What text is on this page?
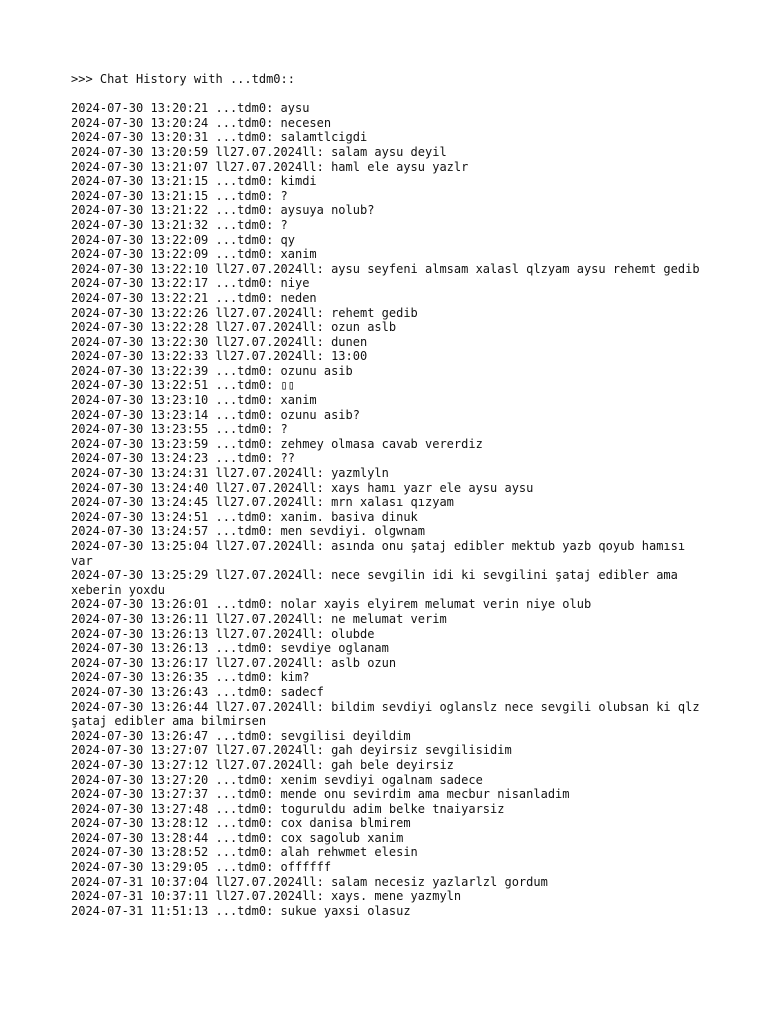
>>> Chat History with ...tdm0::
2024-07-30 13:20:21 ...tdm0: aysu
2024-07-30 13:20:24 ...tdm0: necesen
2024-07-30 13:20:31 ...tdm0: salamtlcigdi
2024-07-30 13:20:59 ll27.07.2024ll: salam aysu deyil
2024-07-30 13:21:07 ll27.07.2024ll: haml ele aysu yazlr
2024-07-30 13:21:15 ...tdm0: kimdi
2024-07-30 13:21:15 ...tdm0: ?
2024-07-30 13:21:22 ...tdm0: aysuya nolub?
2024-07-30 13:21:32 ...tdm0: ?
2024-07-30 13:22:09 ...tdm0: qy
2024-07-30 13:22:09 ...tdm0: xanim
2024-07-30 13:22:10 ll27.07.2024ll: aysu seyfeni almsam xalasl qlzyam aysu rehemt gedib
2024-07-30 13:22:17 ...tdm0: niye
2024-07-30 13:22:21 ...tdm0: neden
2024-07-30 13:22:26 ll27.07.2024ll: rehemt gedib
2024-07-30 13:22:28 ll27.07.2024ll: ozun aslb
2024-07-30 13:22:30 ll27.07.2024ll: dunen
2024-07-30 13:22:33 ll27.07.2024ll: 13:00
2024-07-30 13:22:39 ...tdm0: ozunu asib
2024-07-30 13:22:51 ...tdm0: ▯▯
2024-07-30 13:23:10 ...tdm0: xanim
2024-07-30 13:23:14 ...tdm0: ozunu asib?
2024-07-30 13:23:55 ...tdm0: ?
2024-07-30 13:23:59 ...tdm0: zehmey olmasa cavab vererdiz
2024-07-30 13:24:23 ...tdm0: ??
2024-07-30 13:24:31 ll27.07.2024ll: yazmlyln
2024-07-30 13:24:40 ll27.07.2024ll: xays hamı yazr ele aysu aysu
2024-07-30 13:24:45 ll27.07.2024ll: mrn xalası qızyam
2024-07-30 13:24:51 ...tdm0: xanim. basiva dinuk
2024-07-30 13:24:57 ...tdm0: men sevdiyi. olgwnam
2024-07-30 13:25:04 ll27.07.2024ll: asında onu şataj edibler mektub yazb qoyub hamısı var
2024-07-30 13:25:29 ll27.07.2024ll: nece sevgilin idi ki sevgilini şataj edibler ama xeberin yoxdu
2024-07-30 13:26:01 ...tdm0: nolar xayis elyirem melumat verin niye olub
2024-07-30 13:26:11 ll27.07.2024ll: ne melumat verim
2024-07-30 13:26:13 ll27.07.2024ll: olubde
2024-07-30 13:26:13 ...tdm0: sevdiye oglanam
2024-07-30 13:26:17 ll27.07.2024ll: aslb ozun
2024-07-30 13:26:35 ...tdm0: kim?
2024-07-30 13:26:43 ...tdm0: sadecf
2024-07-30 13:26:44 ll27.07.2024ll: bildim sevdiyi oglanslz nece sevgili olubsan ki qlz şataj edibler ama bilmirsen
2024-07-30 13:26:47 ...tdm0: sevgilisi deyildim
2024-07-30 13:27:07 ll27.07.2024ll: gah deyirsiz sevgilisidim
2024-07-30 13:27:12 ll27.07.2024ll: gah bele deyirsiz
2024-07-30 13:27:20 ...tdm0: xenim sevdiyi ogalnam sadece
2024-07-30 13:27:37 ...tdm0: mende onu sevirdim ama mecbur nisanladim
2024-07-30 13:27:48 ...tdm0: toguruldu adim belke tnaiyarsiz
2024-07-30 13:28:12 ...tdm0: cox danisa blmirem
2024-07-30 13:28:44 ...tdm0: cox sagolub xanim
2024-07-30 13:28:52 ...tdm0: alah rehwmet elesin
2024-07-30 13:29:05 ...tdm0: offffff
2024-07-31 10:37:04 ll27.07.2024ll: salam necesiz yazlarlzl gordum
2024-07-31 10:37:11 ll27.07.2024ll: xays. mene yazmyln
2024-07-31 11:51:13 ...tdm0: sukue yaxsi olasuz
